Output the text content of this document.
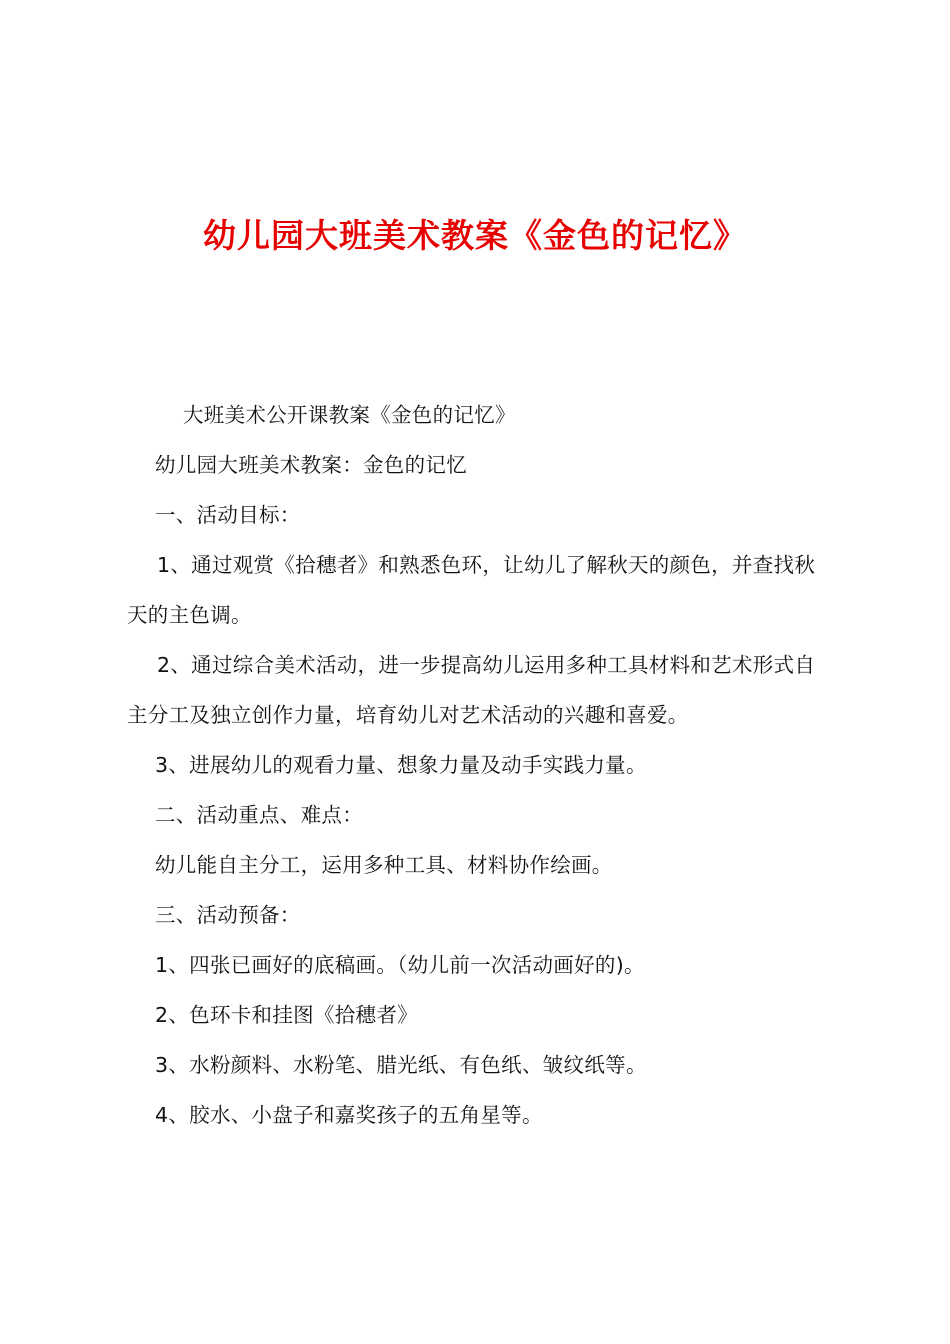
幼儿园大班美术教案《金色的记忆》

大班美术公开课教案《金色的记忆》

幼儿园大班美术教案：金色的记忆

一、活动目标：

1、通过观赏《拾穗者》和熟悉色环，让幼儿了解秋天的颜色，并查找秋天的主色调。

2、通过综合美术活动，进一步提高幼儿运用多种工具材料和艺术形式自主分工及独立创作力量，培育幼儿对艺术活动的兴趣和喜爱。

3、进展幼儿的观看力量、想象力量及动手实践力量。

二、活动重点、难点：

幼儿能自主分工，运用多种工具、材料协作绘画。

三、活动预备：

1、四张已画好的底稿画。（幼儿前一次活动画好的)。

2、色环卡和挂图《拾穗者》

3、水粉颜料、水粉笔、腊光纸、有色纸、皱纹纸等。

4、胶水、小盘子和嘉奖孩子的五角星等。
